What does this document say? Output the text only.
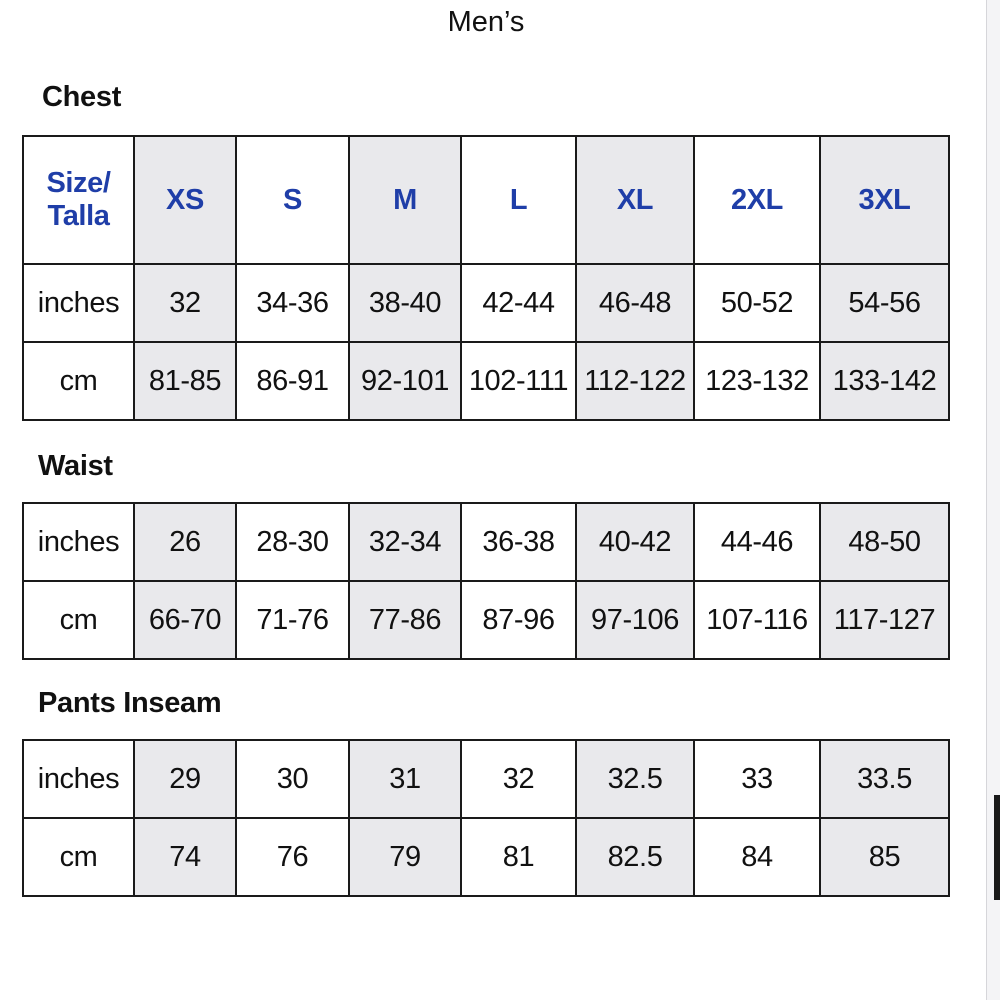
Men’s
Chest
Size/
Talla	XS	S	M	L	XL	2XL	3XL
inches	32	34-36	38-40	42-44	46-48	50-52	54-56
cm	81-85	86-91	92-101	102-111	112-122	123-132	133-142
Waist
inches	26	28-30	32-34	36-38	40-42	44-46	48-50
cm	66-70	71-76	77-86	87-96	97-106	107-116	117-127
Pants Inseam
inches	29	30	31	32	32.5	33	33.5
cm	74	76	79	81	82.5	84	85
